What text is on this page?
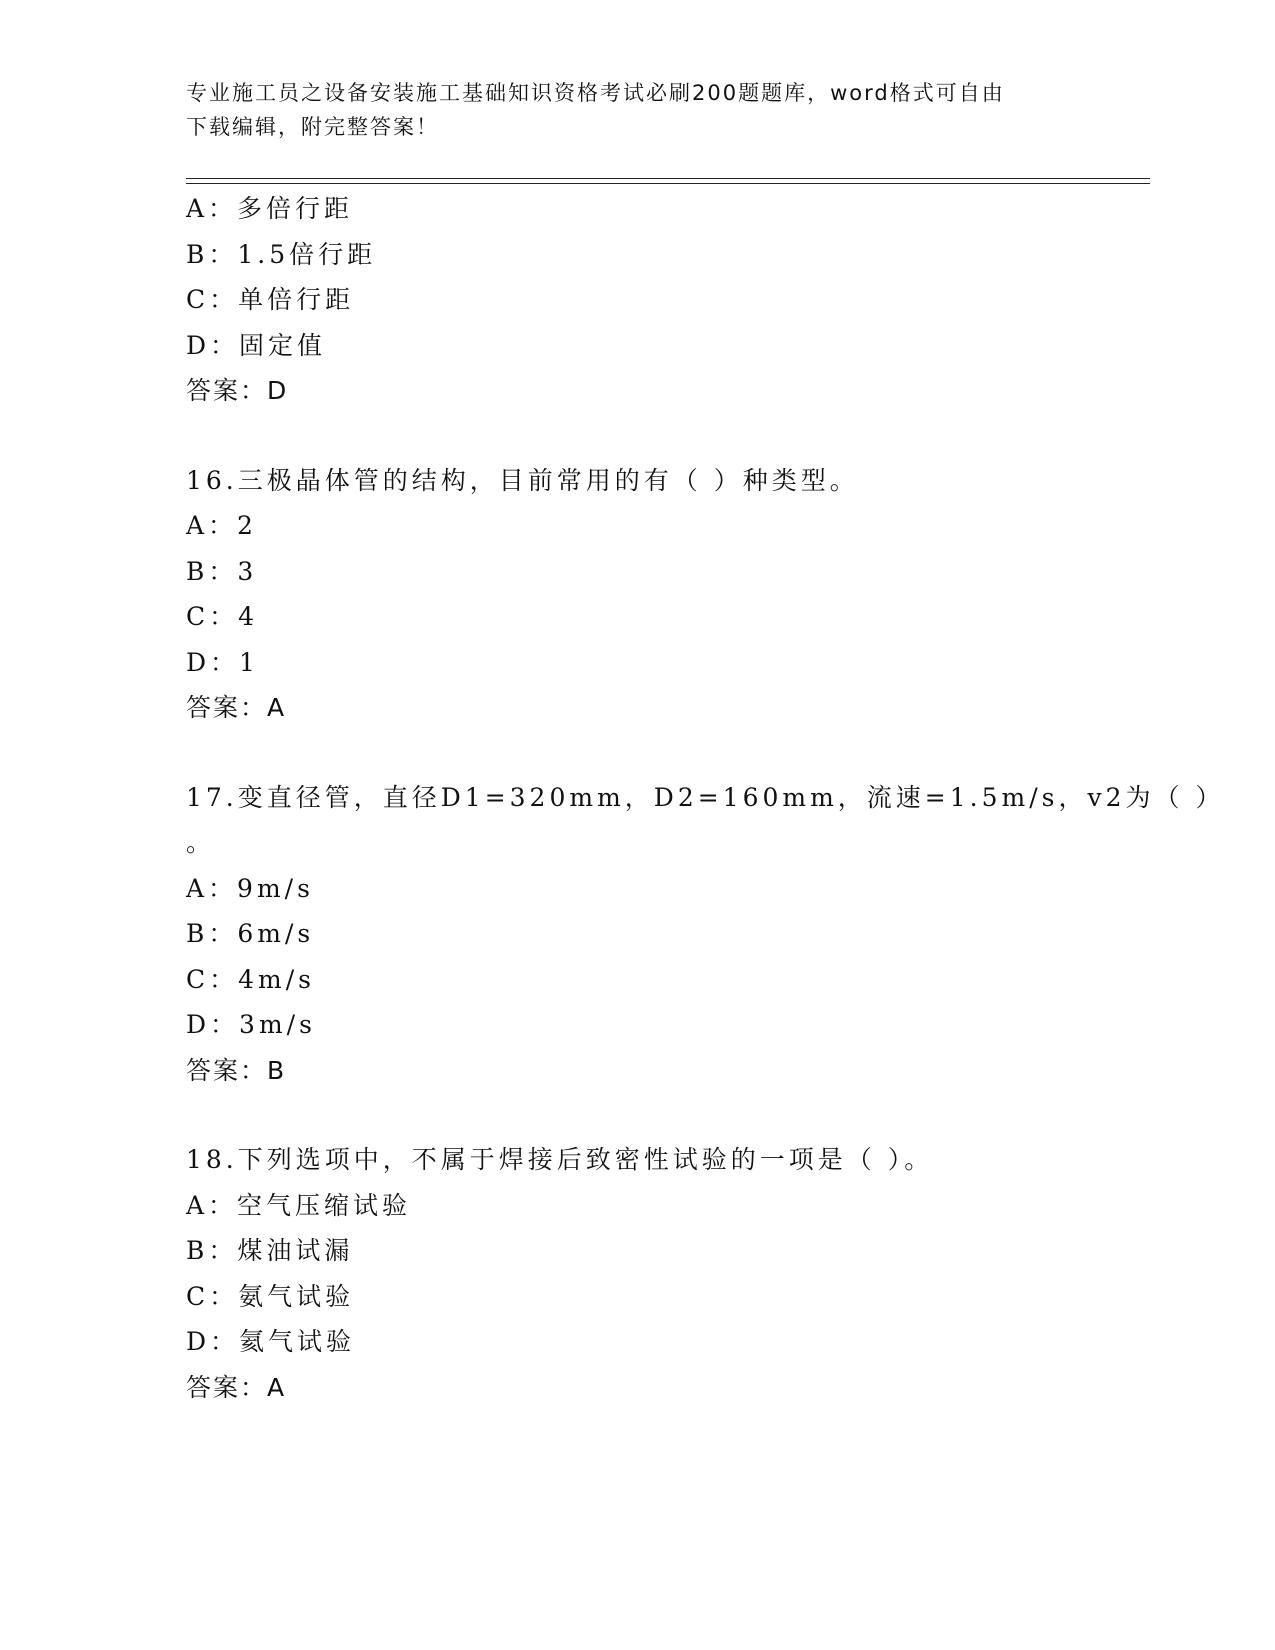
专业施工员之设备安装施工基础知识资格考试必刷200题题库，word格式可自由
下载编辑，附完整答案！
A：多倍行距
B：1.5倍行距
C：单倍行距
D：固定值
答案：D
16.三极晶体管的结构，目前常用的有（ ）种类型。
A：2
B：3
C：4
D：1
答案：A
17.变直径管，直径D1=320mm，D2=160mm，流速=1.5m/s，v2为（ ）
。
A：9m/s
B：6m/s
C：4m/s
D：3m/s
答案：B
18.下列选项中，不属于焊接后致密性试验的一项是（ ）。
A：空气压缩试验
B：煤油试漏
C：氨气试验
D：氦气试验
答案：A
